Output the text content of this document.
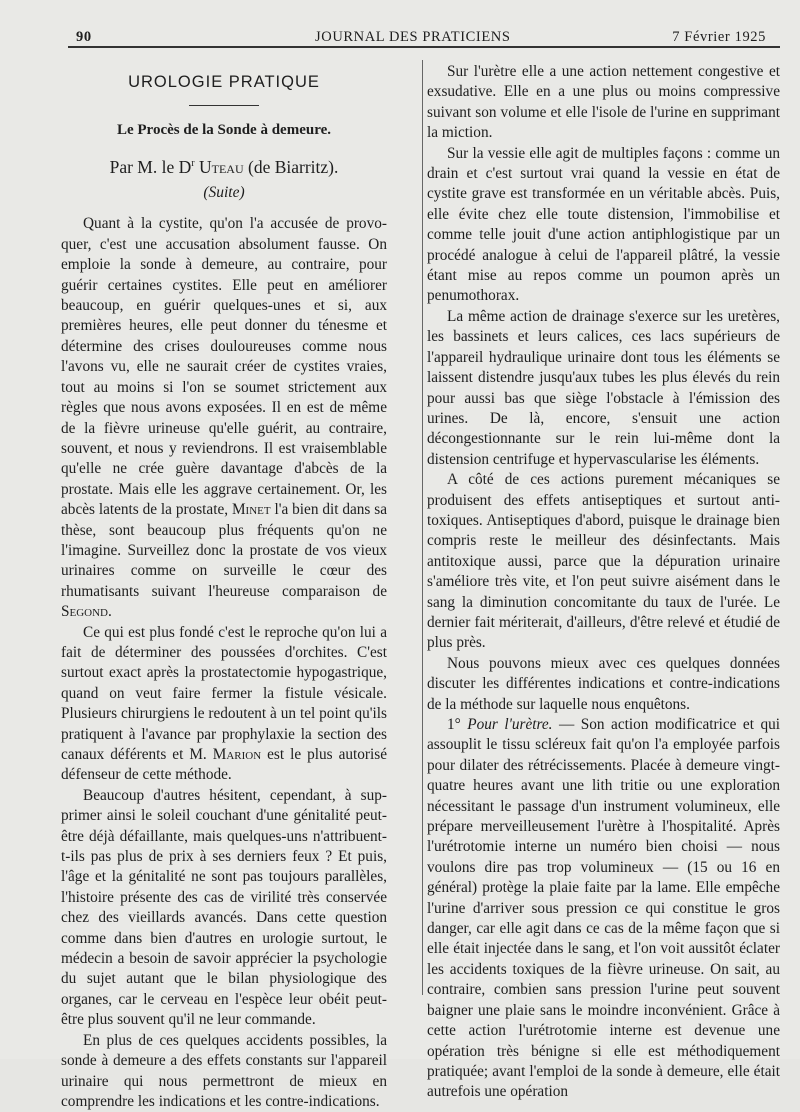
90	JOURNAL DES PRATICIENS	7 Février 1925
UROLOGIE PRATIQUE
Le Procès de la Sonde à demeure.
Par M. le $D^r$ Uteau (de Biarritz).
(Suite)

Quant à la cystite, qu'on l'a accusée de provoquer, c'est une accusation absolument fausse. On emploie la sonde à demeure, au contraire, pour guérir certaines cystites. Elle peut en améliorer beaucoup, en guérir quelques-unes et si, aux premières heures, elle peut donner du ténesme et détermine des crises douloureuses comme nous l'avons vu, elle ne saurait créer de cystites vraies, tout au moins si l'on se soumet strictement aux règles que nous avons exposées. Il en est de même de la fièvre urineuse qu'elle guérit, au contraire, souvent, et nous y reviendrons. Il est vraisemblable qu'elle ne crée guère davantage d'abcès de la prostate. Mais elle les aggrave certainement. Or, les abcès latents de la prostate, Minet l'a bien dit dans sa thèse, sont beaucoup plus fréquents qu'on ne l'imagine. Surveillez donc la prostate de vos vieux urinaires comme on surveille le cœur des rhumatisants suivant l'heureuse comparaison de Segond.

Ce qui est plus fondé c'est le reproche qu'on lui a fait de déterminer des poussées d'orchites. C'est surtout exact après la prostatectomie hypogastrique, quand on veut faire fermer la fistule vésicale. Plusieurs chirurgiens le redoutent à un tel point qu'ils pratiquent à l'avance par prophylaxie la section des canaux déférents et M. Marion est le plus autorisé défenseur de cette méthode.

Beaucoup d'autres hésitent, cependant, à supprimer ainsi le soleil couchant d'une génitalité peut-être déjà défaillante, mais quelques-uns n'attribuent-t-ils pas plus de prix à ses derniers feux ? Et puis, l'âge et la génitalité ne sont pas toujours parallèles, l'histoire présente des cas de virilité très conservée chez des vieillards avancés. Dans cette question comme dans bien d'autres en urologie surtout, le médecin a besoin de savoir apprécier la psychologie du sujet autant que le bilan physiologique des organes, car le cerveau en l'espèce leur obéit peut-être plus souvent qu'il ne leur commande.

En plus de ces quelques accidents possibles, la sonde à demeure a des effets constants sur l'appareil urinaire qui nous permettront de mieux en comprendre les indications et les contre-indications.

Sur l'urètre elle a une action nettement congestive et exsudative. Elle en a une plus ou moins compressive suivant son volume et elle l'isole de l'urine en supprimant la miction.

Sur la vessie elle agit de multiples façons : comme un drain et c'est surtout vrai quand la vessie en état de cystite grave est transformée en un véritable abcès. Puis, elle évite chez elle toute distension, l'immobilise et comme telle jouit d'une action antiphlogistique par un procédé analogue à celui de l'appareil plâtré, la vessie étant mise au repos comme un poumon après un penumothorax.

La même action de drainage s'exerce sur les uretères, les bassinets et leurs calices, ces lacs supérieurs de l'appareil hydraulique urinaire dont tous les éléments se laissent distendre jusqu'aux tubes les plus élevés du rein pour aussi bas que siège l'obstacle à l'émission des urines. De là, encore, s'ensuit une action décongestionnante sur le rein lui-même dont la distension centrifuge et hypervascularise les éléments.

A côté de ces actions purement mécaniques se produisent des effets antiseptiques et surtout antitoxiques. Antiseptiques d'abord, puisque le drainage bien compris reste le meilleur des désinfectants. Mais antitoxique aussi, parce que la dépuration urinaire s'améliore très vite, et l'on peut suivre aisément dans le sang la diminution concomitante du taux de l'urée. Le dernier fait mériterait, d'ailleurs, d'être relevé et étudié de plus près.

Nous pouvons mieux avec ces quelques données discuter les différentes indications et contre-indications de la méthode sur laquelle nous enquêtons.

1° Pour l'urètre. — Son action modificatrice et qui assouplit le tissu scléreux fait qu'on l'a employée parfois pour dilater des rétrécissements. Placée à demeure vingt-quatre heures avant une lith tritie ou une exploration nécessitant le passage d'un instrument volumineux, elle prépare merveilleusement l'urètre à l'hospitalité. Après l'urétrotomie interne un numéro bien choisi — nous voulons dire pas trop volumineux — (15 ou 16 en général) protège la plaie faite par la lame. Elle empêche l'urine d'arriver sous pression ce qui constitue le gros danger, car elle agit dans ce cas de la même façon que si elle était injectée dans le sang, et l'on voit aussitôt éclater les accidents toxiques de la fièvre urineuse. On sait, au contraire, combien sans pression l'urine peut souvent baigner une plaie sans le moindre inconvénient. Grâce à cette action l'urétrotomie interne est devenue une opération très bénigne si elle est méthodiquement pratiquée; avant l'emploi de la sonde à demeure, elle était autrefois une opération
